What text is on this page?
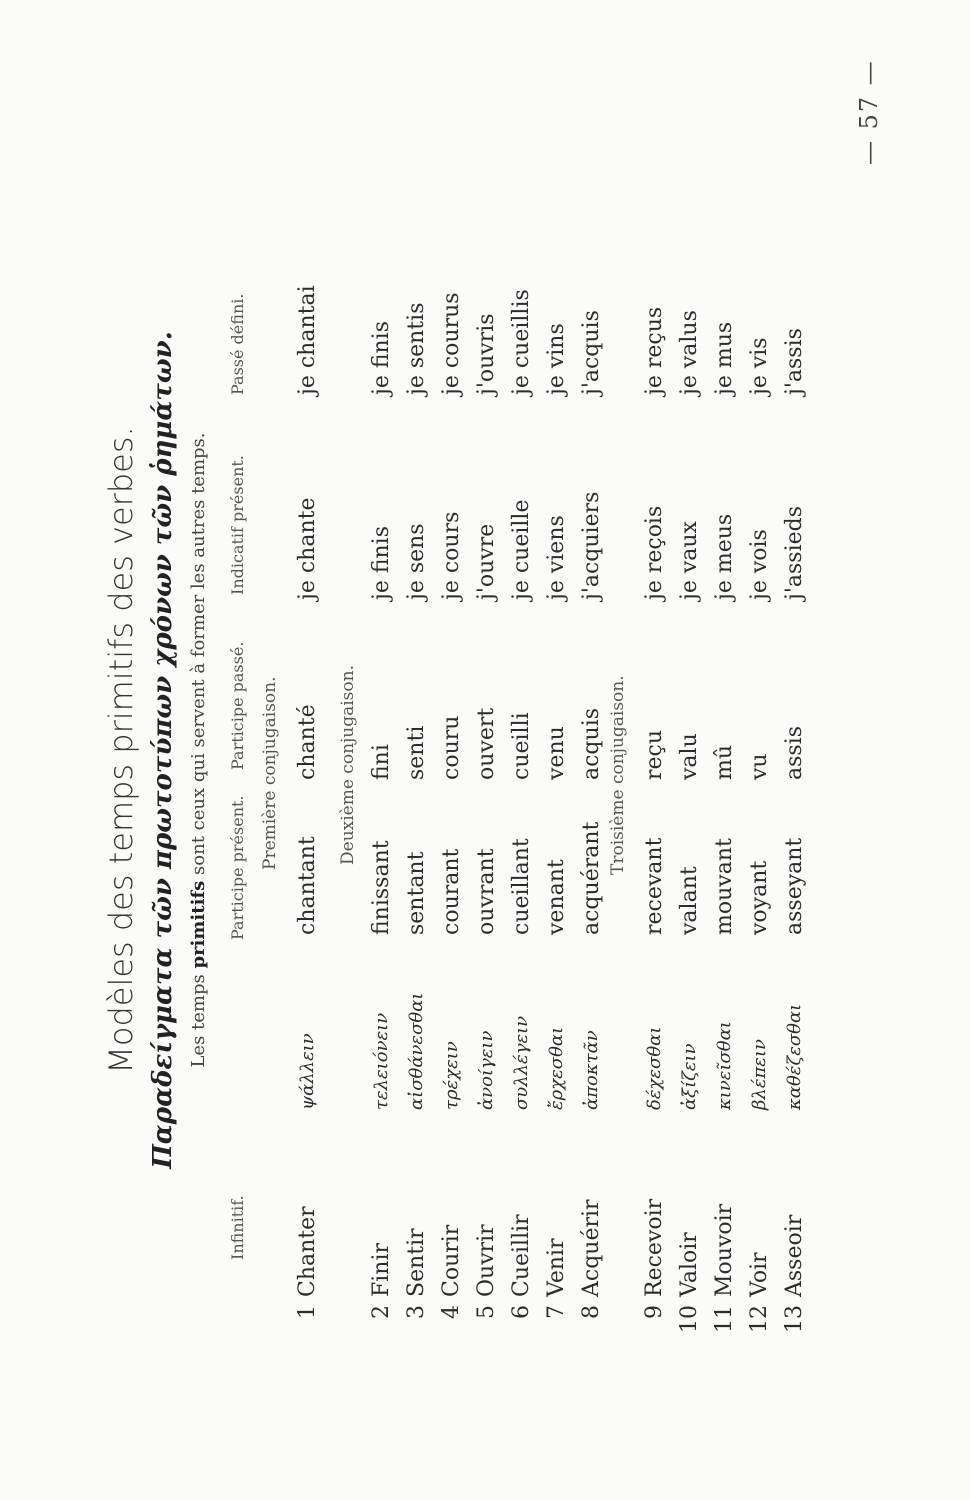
— 57 —
Modèles des temps primitifs des verbes. Παραδείγματα τῶν πρωτοτύπων χρόνων τῶν ῥημάτων. Les temps primitifs sont ceux qui servent à former les autres temps.
Infinitif.
Participe présent.
Participe passé.
Indicatif présent.
Passé défini.
Première conjugaison.	Deuxième conjugaison.	Troisième conjugaison.
1
Chanter
ψάλλειν
chantant
chanté
je chante
je chantai
2
Finir
τελειόνειν
finissant
fini
je finis
je finis
3
Sentir
αἰσθάνεσθαι
sentant
senti
je sens
je sentis
4
Courir
τρέχειν
courant
couru
je cours
je courus
5
Ouvrir
ἀνοίγειν
ouvrant
ouvert
j'ouvre
j'ouvris
6
Cueillir
συλλέγειν
cueillant
cueilli
je cueille
je cueillis
7
Venir
ἔρχεσθαι
venant
venu
je viens
je vins
8
Acquérir
ἀποκτᾶν
acquérant
acquis
j'acquiers
j'acquis
9
Recevoir
δέχεσθαι
recevant
reçu
je reçois
je reçus
10
Valoir
ἀξίζειν
valant
valu
je vaux
je valus
11
Mouvoir
κινεῖσθαι
mouvant
mû
je meus
je mus
12
Voir
βλέπειν
voyant
vu
je vois
je vis
13
Asseoir
καθέζεσθαι
asseyant
assis
j'assieds
j'assis
